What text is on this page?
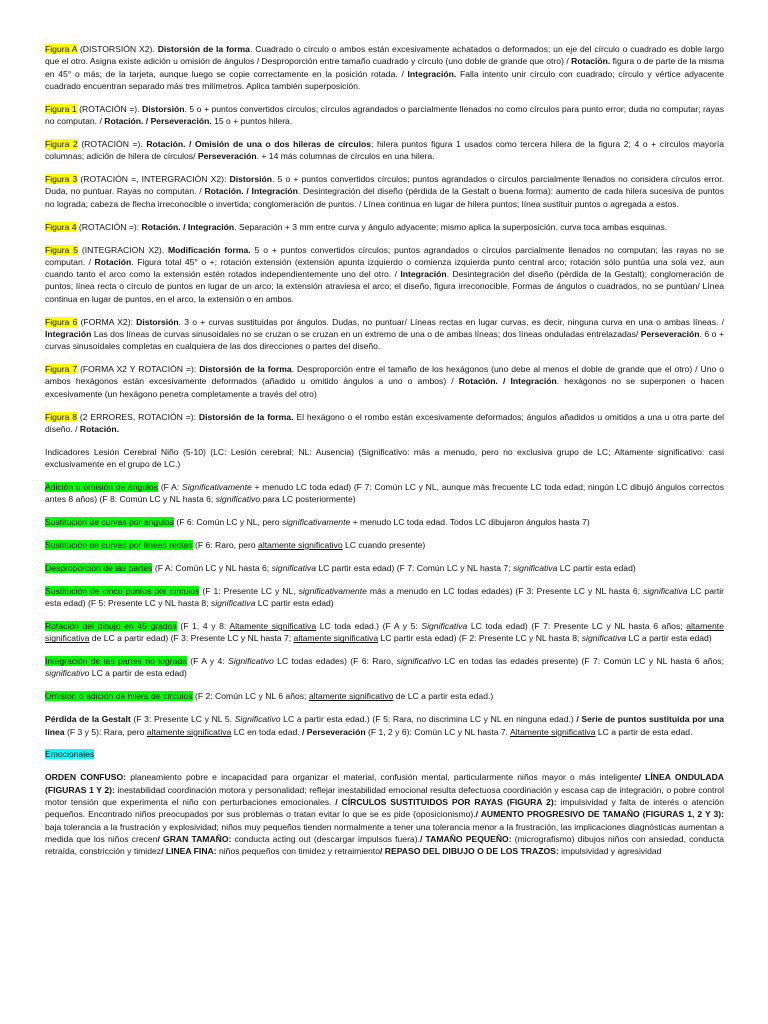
Figura A (DISTORSIÓN X2). Distorsión de la forma. Cuadrado o círculo o ambos están excesivamente achatados o deformados; un eje del círculo o cuadrado es doble largo que el otro. Asigna existe adición u omisión de ángulos / Desproporción entre tamaño cuadrado y círculo (uno doble de grande que otro) / Rotación. figura o de parte de la misma en 45° o más; de la tarjeta, aunque luego se copie correctamente en la posición rotada. / Integración. Falla intento unir círculo con cuadrado; círculo y vértice adyacente cuadrado encuentran separado más tres milímetros. Aplica también superposición.

Figura 1 (ROTACIÓN =). Distorsión. 5 o + puntos convertidos círculos; círculos agrandados o parcialmente llenados no como círculos para punto error; duda no computar; rayas no computan. / Rotación. / Perseveración. 15 o + puntos hilera.

Figura 2 (ROTACIÓN =). Rotación. / Omisión de una o dos hileras de círculos; hilera puntos figura 1 usados como tercera hilera de la figura 2; 4 o + círculos mayoría columnas; adición de hilera de círculos/ Perseveración. + 14 más columnas de círculos en una hilera.

Figura 3 (ROTACIÓN =, INTERGRACIÓN X2): Distorsión. 5 o + puntos convertidos círculos; puntos agrandados o círculos parcialmente llenados no considera círculos error. Duda, no puntuar. Rayas no computan. / Rotación. / Integración. Desintegración del diseño (pérdida de la Gestalt o buena forma): aumento de cada hilera sucesiva de puntos no lograda; cabeza de flecha irreconocible o invertida; conglomeración de puntos. / Línea continua en lugar de hilera puntos; línea sustituir puntos o agregada a estos.

Figura 4 (ROTACIÓN =): Rotación. / Integración. Separación + 3 mm entre curva y ángulo adyacente; mismo aplica la superposición. curva toca ambas esquinas.

Figura 5 (INTEGRACION X2). Modificación forma. 5 o + puntos convertidos círculos; puntos agrandados o círculos parcialmente llenados no computan; las rayas no se computan. / Rotación. Figura total 45° o +; rotación extensión (extensión apunta izquierdo o comienza izquierda punto central arco; rotación sólo puntúa una sola vez, aun cuando tanto el arco como la extensión estén rotados independientemente uno del otro. / Integración. Desintegración del diseño (pérdida de la Gestalt); conglomeración de puntos; línea recta o círculo de puntos en lugar de un arco; la extensión atraviesa el arco; el diseño, figura irreconocible. Formas de ángulos o cuadrados, no se puntúan/ Línea continua en lugar de puntos, en el arco, la extensión o en ambos.

Figura 6 (FORMA X2): Distorsión. 3 o + curvas sustituidas por ángulos. Dudas, no puntuar/ Líneas rectas en lugar curvas, es decir, ninguna curva en una o ambas líneas. / Integración Las dos líneas de curvas sinusoidales no se cruzan o se cruzan en un extremo de una o de ambas líneas; dos líneas onduladas entrelazadas/ Perseveración. 6 o + curvas sinusoidales completas en cualquiera de las dos direcciones o partes del diseño.

Figura 7 (FORMA X2 Y ROTACIÓN =): Distorsión de la forma. Desproporción entre el tamaño de los hexágonos (uno debe al menos el doble de grande que el otro) / Uno o ambos hexágonos están excesivamente deformados (añadido u omitido ángulos a uno o ambos) / Rotación. / Integración. hexágonos no se superponen o hacen excesivamente (un hexágono penetra completamente a través del otro)

Figura 8 (2 ERRORES, ROTACIÓN =): Distorsión de la forma. El hexágono o el rombo están excesivamente deformados; ángulos añadidos u omitidos a una u otra parte del diseño. / Rotación.

Indicadores Lesión Cerebral Niño (5-10) (LC: Lesión cerebral; NL: Ausencia) (Significativo: más a menudo, pero no exclusiva grupo de LC; Altamente significativo: casi exclusivamente en el grupo de LC.)

Adición u omisión de ángulos (F A: Significativamente + menudo LC toda edad) (F 7: Común LC y NL, aunque más frecuente LC toda edad; ningún LC dibujó ángulos correctos antes 8 años) (F 8: Común LC y NL hasta 6; significativo para LC posteriormente)

Sustitución de curvas por ángulos (F 6: Común LC y NL, pero significativamente + menudo LC toda edad. Todos LC dibujaron ángulos hasta 7)

Sustitución de curvas por líneas rectas (F 6: Raro, pero altamente significativo LC cuando presente)

Desproporción de las partes (F A: Común LC y NL hasta 6; significativa LC partir esta edad) (F 7: Común LC y NL hasta 7; significativa LC partir esta edad)

Sustitución de cinco puntos por círculos (F 1: Presente LC y NL, significativamente más a menudo en LC todas edades) (F 3: Presente LC y NL hasta 6; significativa LC partir esta edad) (F 5: Presente LC y NL hasta 8; significativa LC partir esta edad)

Rotación del dibujo en 45 grados (F 1, 4 y 8: Altamente significativa LC toda edad.) (F A y 5: Significativa LC toda edad) (F 7: Presente LC y NL hasta 6 años; altamente significativa de LC a partir edad) (F 3: Presente LC y NL hasta 7; altamente significativa LC partir esta edad) (F 2: Presente LC y NL hasta 8; significativa LC a partir esta edad)

Integración de las partes no lograda (F A y 4: Significativo LC todas edades) (F 6: Raro, significativo LC en todas las edades presente) (F 7: Común LC y NL hasta 6 años; significativo LC a partir de esta edad)

Omisión o adición de hilera de círculos (F 2: Común LC y NL 6 años; altamente significativo de LC a partir esta edad.)

Pérdida de la Gestalt (F 3: Presente LC y NL 5. Significativo LC a partir esta edad.) (F 5: Rara, no discrimina LC y NL en ninguna edad.) / Serie de puntos sustituida por una línea (F 3 y 5): Rara, pero altamente significativa LC en toda edad. / Perseveración (F 1, 2 y 6): Común LC y NL hasta 7. Altamente significativa LC a partir de esta edad.

Emocionales

ORDEN CONFUSO: planeamiento pobre e incapacidad para organizar el material, confusión mental, particularmente niños mayor o más inteligente/ LÍNEA ONDULADA (FIGURAS 1 Y 2): inestabilidad coordinación motora y personalidad; reflejar inestabilidad emocional resulta defectuosa coordinación y escasa cap de integración, o pobre control motor tensión que experimenta el niño con perturbaciones emocionales. / CÍRCULOS SUSTITUIDOS POR RAYAS (FIGURA 2): impulsividad y falta de interés o atención pequeños. Encontrado niños preocupados por sus problemas o tratan evitar lo que se es pide (oposicionismo)./ AUMENTO PROGRESIVO DE TAMAÑO (FIGURAS 1, 2 Y 3): baja tolerancia a la frustración y explosividad; niños muy pequeños tienden normalmente a tener una tolerancia menor a la frustración, las implicaciones diagnósticas aumentan a medida que los niños crecen/ GRAN TAMAÑO: conducta acting out (descargar impulsos fuera)./ TAMAÑO PEQUEÑO: (micrografismo) dibujos niños con ansiedad, conducta retraída, constricción y timidez/ LINEA FINA: niños pequeños con timidez y retraimiento/ REPASO DEL DIBUJO O DE LOS TRAZOS: impulsividad y agresividad
